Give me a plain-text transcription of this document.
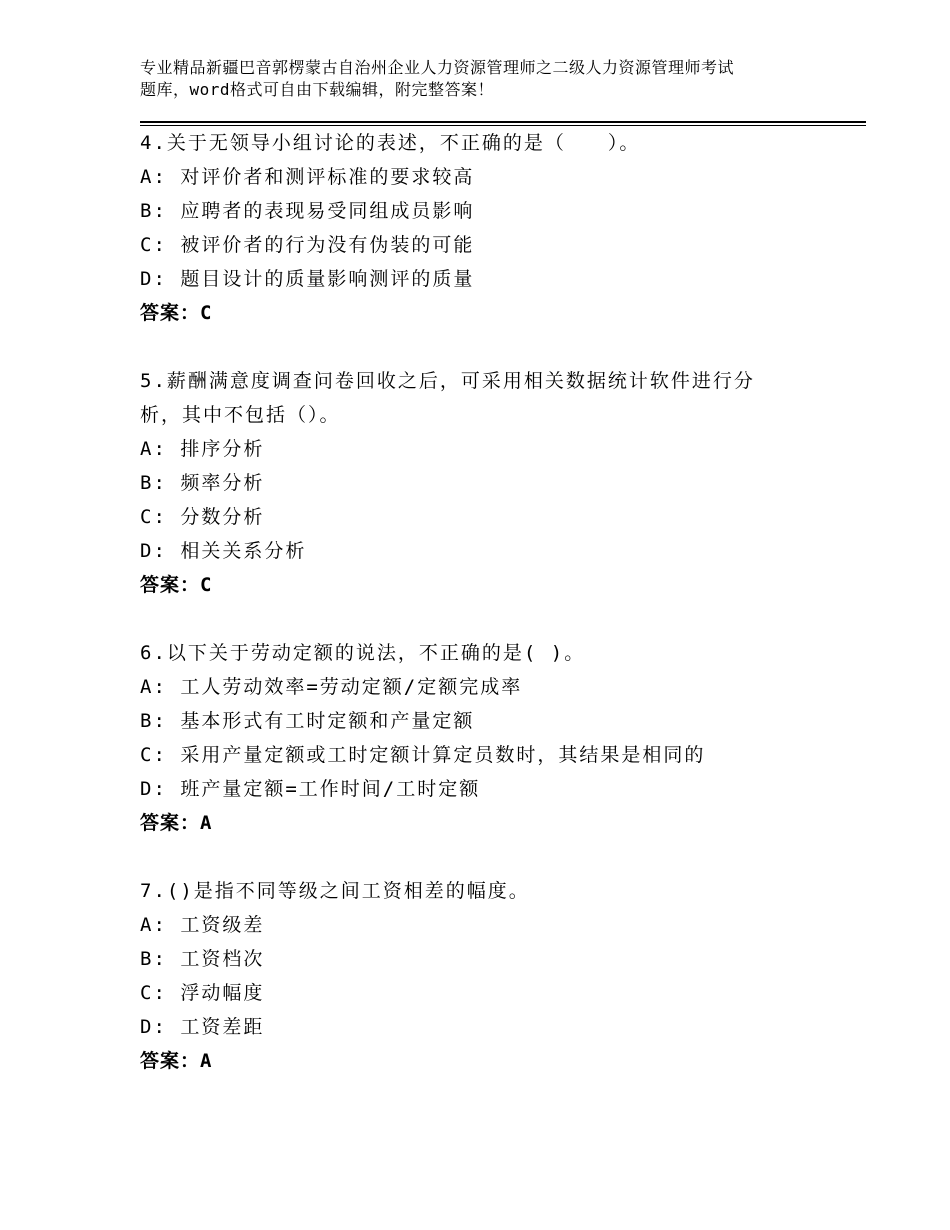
专业精品新疆巴音郭楞蒙古自治州企业人力资源管理师之二级人力资源管理师考试
题库，word格式可自由下载编辑，附完整答案！
4.关于无领导小组讨论的表述，不正确的是（　　）。
A: 对评价者和测评标准的要求较高
B: 应聘者的表现易受同组成员影响
C: 被评价者的行为没有伪装的可能
D: 题目设计的质量影响测评的质量
答案：C
5.薪酬满意度调查问卷回收之后，可采用相关数据统计软件进行分
析，其中不包括（）。
A: 排序分析
B: 频率分析
C: 分数分析
D: 相关关系分析
答案：C
6.以下关于劳动定额的说法，不正确的是( )。
A: 工人劳动效率=劳动定额/定额完成率
B: 基本形式有工时定额和产量定额
C: 采用产量定额或工时定额计算定员数时，其结果是相同的
D: 班产量定额=工作时间/工时定额
答案：A
7.()是指不同等级之间工资相差的幅度。
A: 工资级差
B: 工资档次
C: 浮动幅度
D: 工资差距
答案：A
